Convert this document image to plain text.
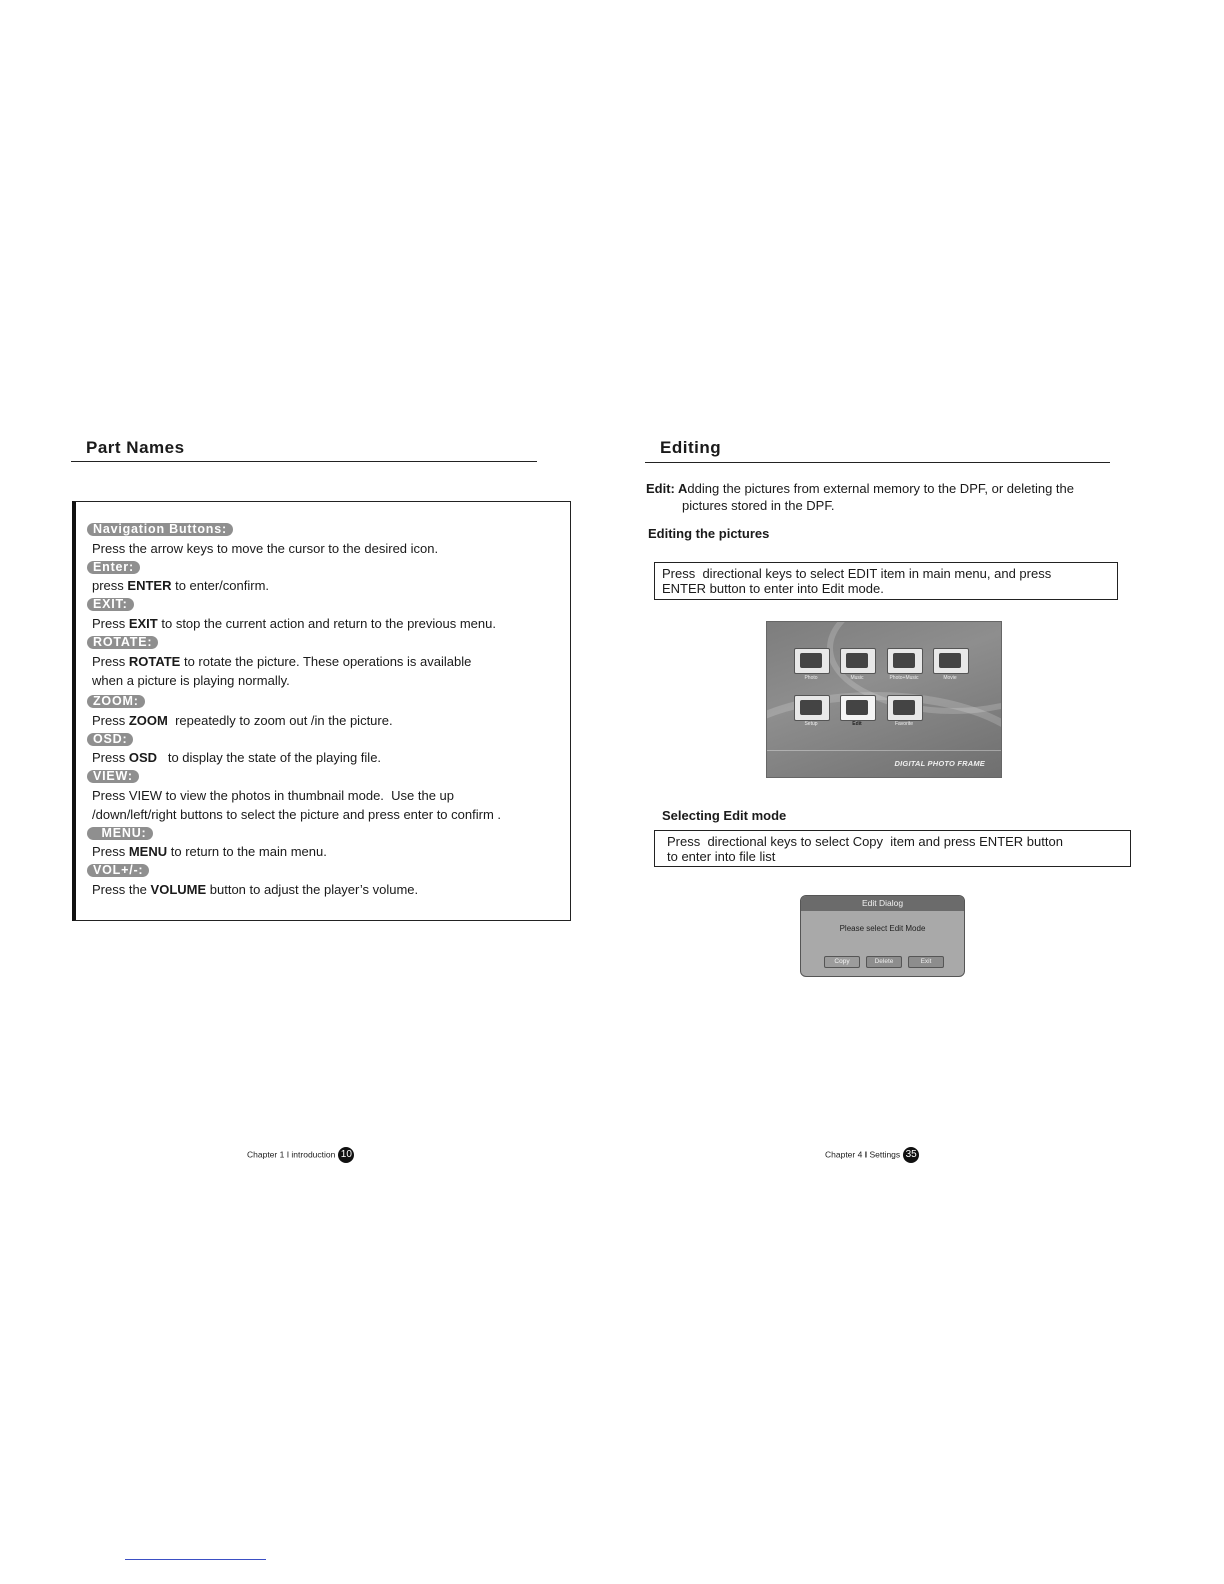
Part Names
Navigation Buttons:
Press the arrow keys to move the cursor to the desired icon.
Enter:
press ENTER to enter/confirm.
EXIT:
Press EXIT to stop the current action and return to the previous menu.
ROTATE:
Press ROTATE to rotate the picture. These operations is available
when a picture is playing normally.
ZOOM:
Press ZOOM  repeatedly to zoom out /in the picture.
OSD:
Press OSD   to display the state of the playing file.
VIEW:
Press VIEW to view the photos in thumbnail mode.  Use the up
/down/left/right buttons to select the picture and press enter to confirm .
MENU:
Press MENU to return to the main menu.
VOL+/-:
Press the VOLUME button to adjust the player’s volume.
Chapter 1 I introduction 10
Editing
Edit: Adding the pictures from external memory to the DPF, or deleting the
pictures stored in the DPF.
Editing the pictures
Press  directional keys to select EDIT item in main menu, and press
ENTER button to enter into Edit mode.
Photo	Music	Photo+Music	Movie
Setup	Edit	Favorite
DIGITAL PHOTO FRAME
Selecting Edit mode
Press  directional keys to select Copy  item and press ENTER button
to enter into file list
Edit Dialog
Please select Edit Mode
Copy	Delete	Exit
Chapter 4 I Settings 35
